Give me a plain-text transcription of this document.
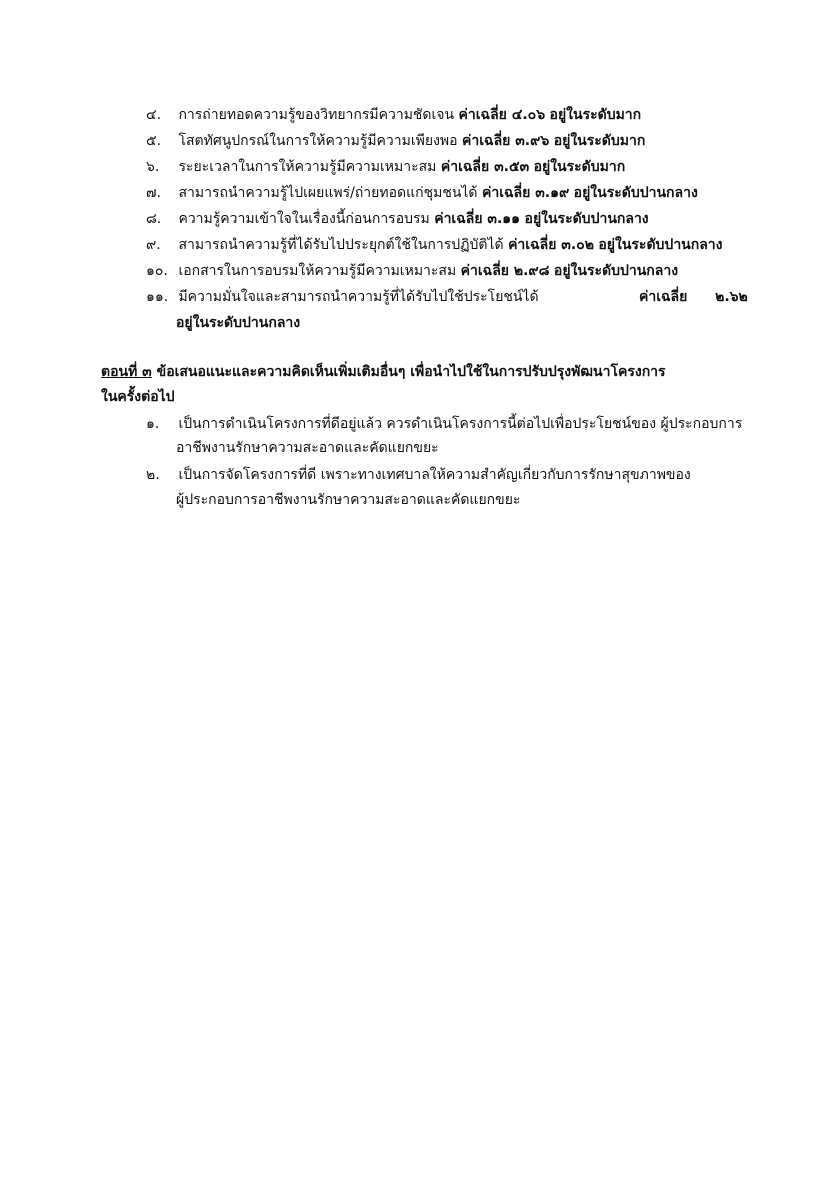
๔. การถ่ายทอดความรู้ของวิทยากรมีความชัดเจน ค่าเฉลี่ย ๔.๐๖ อยู่ในระดับมาก
๕. โสตทัศนูปกรณ์ในการให้ความรู้มีความเพียงพอ ค่าเฉลี่ย ๓.๙๖ อยู่ในระดับมาก
๖. ระยะเวลาในการให้ความรู้มีความเหมาะสม ค่าเฉลี่ย ๓.๕๓ อยู่ในระดับมาก
๗. สามารถนำความรู้ไปเผยแพร่/ถ่ายทอดแก่ชุมชนได้ ค่าเฉลี่ย ๓.๑๙ อยู่ในระดับปานกลาง
๘. ความรู้ความเข้าใจในเรื่องนี้ก่อนการอบรม ค่าเฉลี่ย ๓.๑๑ อยู่ในระดับปานกลาง
๙. สามารถนำความรู้ที่ได้รับไปประยุกต์ใช้ในการปฏิบัติได้ ค่าเฉลี่ย ๓.๐๒ อยู่ในระดับปานกลาง
๑๐. เอกสารในการอบรมให้ความรู้มีความเหมาะสม ค่าเฉลี่ย ๒.๙๘ อยู่ในระดับปานกลาง
๑๑. มีความมั่นใจและสามารถนำความรู้ที่ได้รับไปใช้ประโยชน์ได้	ค่าเฉลี่ย ๒.๖๒
อยู่ในระดับปานกลาง
ตอนที่ ๓ ข้อเสนอแนะและความคิดเห็นเพิ่มเติมอื่นๆ เพื่อนำไปใช้ในการปรับปรุงพัฒนาโครงการ
ในครั้งต่อไป
๑. เป็นการดำเนินโครงการที่ดีอยู่แล้ว ควรดำเนินโครงการนี้ต่อไปเพื่อประโยชน์ของ ผู้ประกอบการ
อาชีพงานรักษาความสะอาดและคัดแยกขยะ
๒. เป็นการจัดโครงการที่ดี เพราะทางเทศบาลให้ความสำคัญเกี่ยวกับการรักษาสุขภาพของ
ผู้ประกอบการอาชีพงานรักษาความสะอาดและคัดแยกขยะ
